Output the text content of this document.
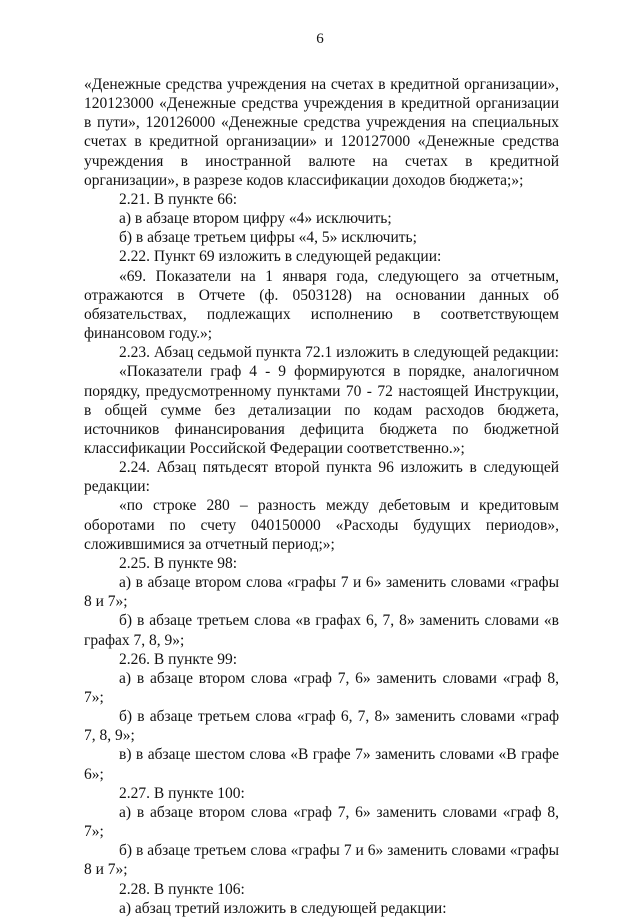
6

«Денежные средства учреждения на счетах в кредитной организации», 120123000 «Денежные средства учреждения в кредитной организации в пути», 120126000 «Денежные средства учреждения на специальных счетах в кредитной организации» и 120127000 «Денежные средства учреждения в иностранной валюте на счетах в кредитной организации», в разрезе кодов классификации доходов бюджета;»;

2.21. В пункте 66:

а) в абзаце втором цифру «4» исключить;

б) в абзаце третьем цифры «4, 5» исключить;

2.22. Пункт 69 изложить в следующей редакции:

«69. Показатели на 1 января года, следующего за отчетным, отражаются в Отчете (ф. 0503128) на основании данных об обязательствах, подлежащих исполнению в соответствующем финансовом году.»;

2.23. Абзац седьмой пункта 72.1 изложить в следующей редакции:

«Показатели граф 4 - 9 формируются в порядке, аналогичном порядку, предусмотренному пунктами 70 - 72 настоящей Инструкции, в общей сумме без детализации по кодам расходов бюджета, источников финансирования дефицита бюджета по бюджетной классификации Российской Федерации соответственно.»;

2.24. Абзац пятьдесят второй пункта 96 изложить в следующей редакции:

«по строке 280 – разность между дебетовым и кредитовым оборотами по счету 040150000 «Расходы будущих периодов», сложившимися за отчетный период;»;

2.25. В пункте 98:

а) в абзаце втором слова «графы 7 и 6» заменить словами «графы 8 и 7»;

б) в абзаце третьем слова «в графах 6, 7, 8» заменить словами «в графах 7, 8, 9»;

2.26. В пункте 99:

а) в абзаце втором слова «граф 7, 6» заменить словами «граф 8, 7»;

б) в абзаце третьем слова «граф 6, 7, 8» заменить словами «граф 7, 8, 9»;

в) в абзаце шестом слова «В графе 7» заменить словами «В графе 6»;

2.27. В пункте 100:

а) в абзаце втором слова «граф 7, 6» заменить словами «граф 8, 7»;

б) в абзаце третьем слова «графы 7 и 6» заменить словами «графы 8 и 7»;

2.28. В пункте 106:

а) абзац третий изложить в следующей редакции:
